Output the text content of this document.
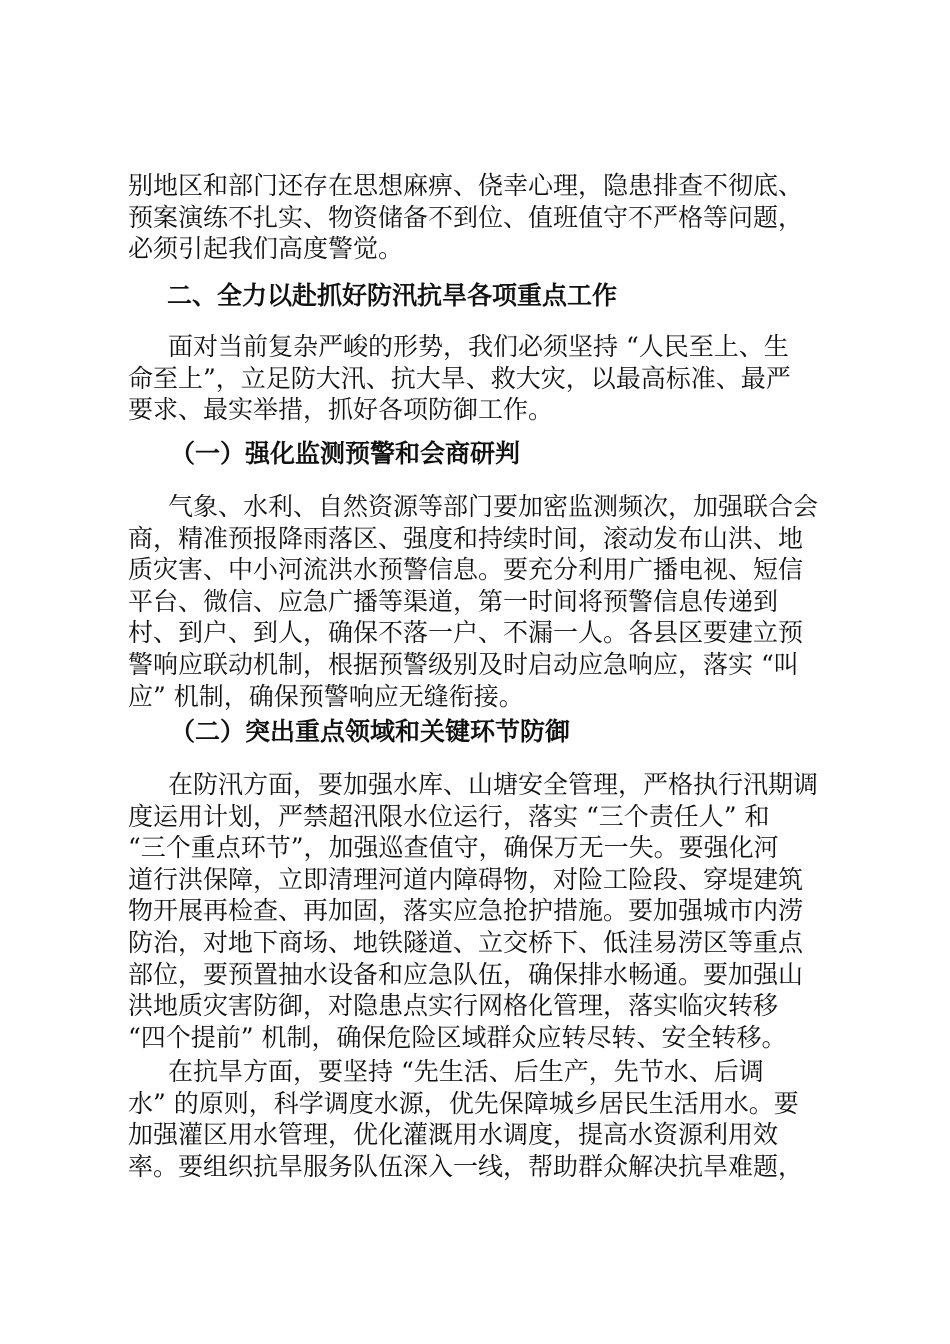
别地区和部门还存在思想麻痹、侥幸心理，隐患排查不彻底、
预案演练不扎实、物资储备不到位、值班值守不严格等问题，
必须引起我们高度警觉。
二、全力以赴抓好防汛抗旱各项重点工作
面对当前复杂严峻的形势，我们必须坚持 “人民至上、生
命至上”，立足防大汛、抗大旱、救大灾，以最高标准、最严
要求、最实举措，抓好各项防御工作。
（一）强化监测预警和会商研判
气象、水利、自然资源等部门要加密监测频次，加强联合会
商，精准预报降雨落区、强度和持续时间，滚动发布山洪、地
质灾害、中小河流洪水预警信息。要充分利用广播电视、短信
平台、微信、应急广播等渠道，第一时间将预警信息传递到
村、到户、到人，确保不落一户、不漏一人。各县区要建立预
警响应联动机制，根据预警级别及时启动应急响应，落实 “叫
应” 机制，确保预警响应无缝衔接。
（二）突出重点领域和关键环节防御
在防汛方面，要加强水库、山塘安全管理，严格执行汛期调
度运用计划，严禁超汛限水位运行，落实 “三个责任人” 和
“三个重点环节”，加强巡查值守，确保万无一失。要强化河
道行洪保障，立即清理河道内障碍物，对险工险段、穿堤建筑
物开展再检查、再加固，落实应急抢护措施。要加强城市内涝
防治，对地下商场、地铁隧道、立交桥下、低洼易涝区等重点
部位，要预置抽水设备和应急队伍，确保排水畅通。要加强山
洪地质灾害防御，对隐患点实行网格化管理，落实临灾转移
“四个提前” 机制，确保危险区域群众应转尽转、安全转移。
在抗旱方面，要坚持 “先生活、后生产，先节水、后调
水” 的原则，科学调度水源，优先保障城乡居民生活用水。要
加强灌区用水管理，优化灌溉用水调度，提高水资源利用效
率。要组织抗旱服务队伍深入一线，帮助群众解决抗旱难题，
